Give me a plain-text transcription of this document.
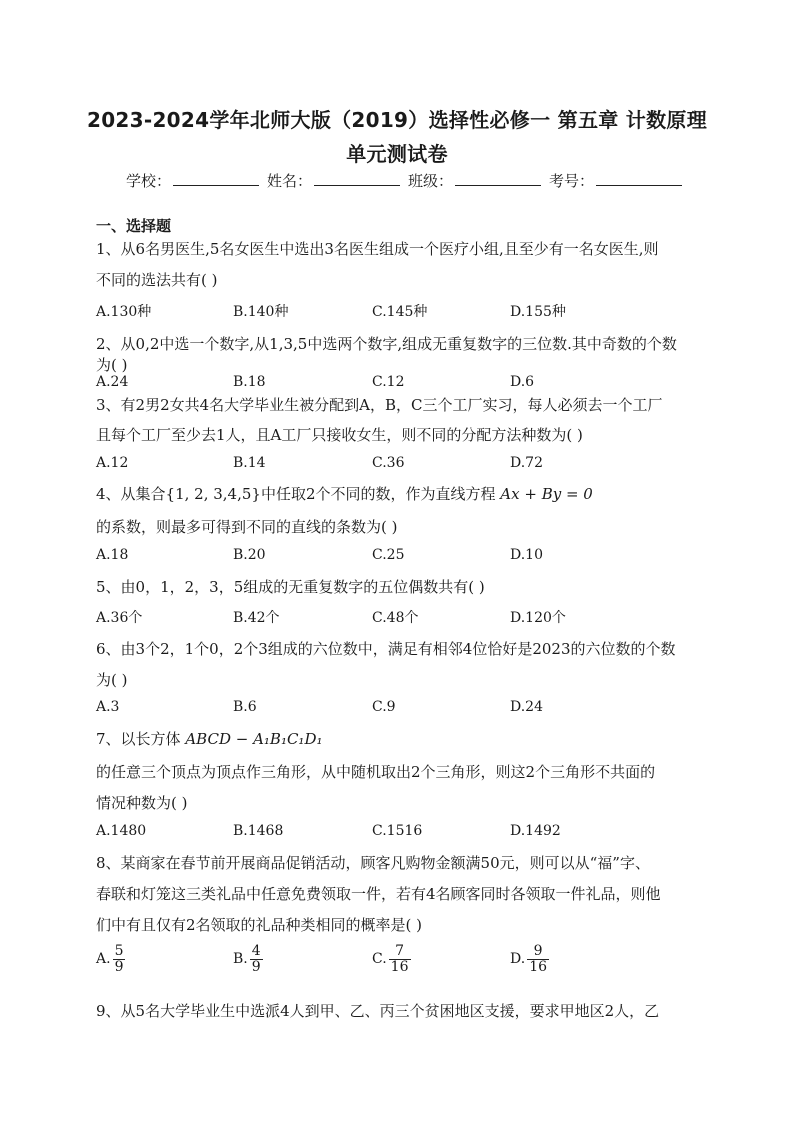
2023-2024学年北师大版（2019）选择性必修一 第五章 计数原理
单元测试卷
学校：	姓名：	班级：	考号：
一、选择题
1、从6名男医生,5名女医生中选出3名医生组成一个医疗小组,且至少有一名女医生,则
不同的选法共有( )
A.130种	B.140种	C.145种	D.155种
2、从0,2中选一个数字,从1,3,5中选两个数字,组成无重复数字的三位数.其中奇数的个数
为( )
A.24	B.18	C.12	D.6
3、有2男2女共4名大学毕业生被分配到A，B，C三个工厂实习，每人必须去一个工厂
且每个工厂至少去1人，且A工厂只接收女生，则不同的分配方法种数为( )
A.12	B.14	C.36	D.72
4、从集合{1, 2, 3,4,5}中任取2个不同的数，作为直线方程 Ax + By = 0
的系数，则最多可得到不同的直线的条数为( )
A.18	B.20	C.25	D.10
5、由0，1，2，3，5组成的无重复数字的五位偶数共有( )
A.36个	B.42个	C.48个	D.120个
6、由3个2，1个0，2个3组成的六位数中，满足有相邻4位恰好是2023的六位数的个数
为( )
A.3	B.6	C.9	D.24
7、以长方体 ABCD − A₁B₁C₁D₁
的任意三个顶点为顶点作三角形，从中随机取出2个三角形，则这2个三角形不共面的
情况种数为( )
A.1480	B.1468	C.1516	D.1492
8、某商家在春节前开展商品促销活动，顾客凡购物金额满50元，则可以从“福”字、
春联和灯笼这三类礼品中任意免费领取一件，若有4名顾客同时各领取一件礼品，则他
们中有且仅有2名领取的礼品种类相同的概率是( )
A. $\frac{5}{9}$	B. $\frac{4}{9}$	C. $\frac{7}{16}$	D. $\frac{9}{16}$
9、从5名大学毕业生中选派4人到甲、乙、丙三个贫困地区支援，要求甲地区2人，乙
